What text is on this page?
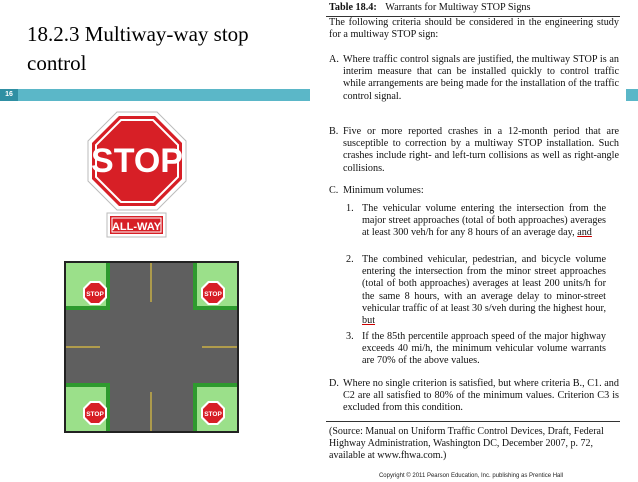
18.2.3 Multiway-way stop control
16
STOP
ALL-WAY
STOP	STOP
STOP	STOP
Table 18.4: Warrants for Multiway STOP Signs
The following criteria should be considered in the engineering study for a multiway STOP sign:
A. Where traffic control signals are justified, the multiway STOP is an interim measure that can be installed quickly to control traffic while arrangements are being made for the installation of the traffic control signal.
B. Five or more reported crashes in a 12-month period that are susceptible to correction by a multiway STOP installation. Such crashes include right- and left-turn collisions as well as right-angle collisions.
C. Minimum volumes:
1. The vehicular volume entering the intersection from the major street approaches (total of both approaches) averages at least 300 veh/h for any 8 hours of an average day, and
2. The combined vehicular, pedestrian, and bicycle volume entering the intersection from the minor street approaches (total of both approaches) averages at least 200 units/h for the same 8 hours, with an average delay to minor-street vehicular traffic of at least 30 s/veh during the highest hour, but
3. If the 85th percentile approach speed of the major highway exceeds 40 mi/h, the minimum vehicular volume warrants are 70% of the above values.
D. Where no single criterion is satisfied, but where criteria B., C1. and C2 are all satisfied to 80% of the minimum values. Criterion C3 is excluded from this condition.
(Source: Manual on Uniform Traffic Control Devices, Draft, Federal Highway Administration, Washington DC, December 2007, p. 72, available at www.fhwa.com.)
Copyright © 2011 Pearson Education, Inc. publishing as Prentice Hall
